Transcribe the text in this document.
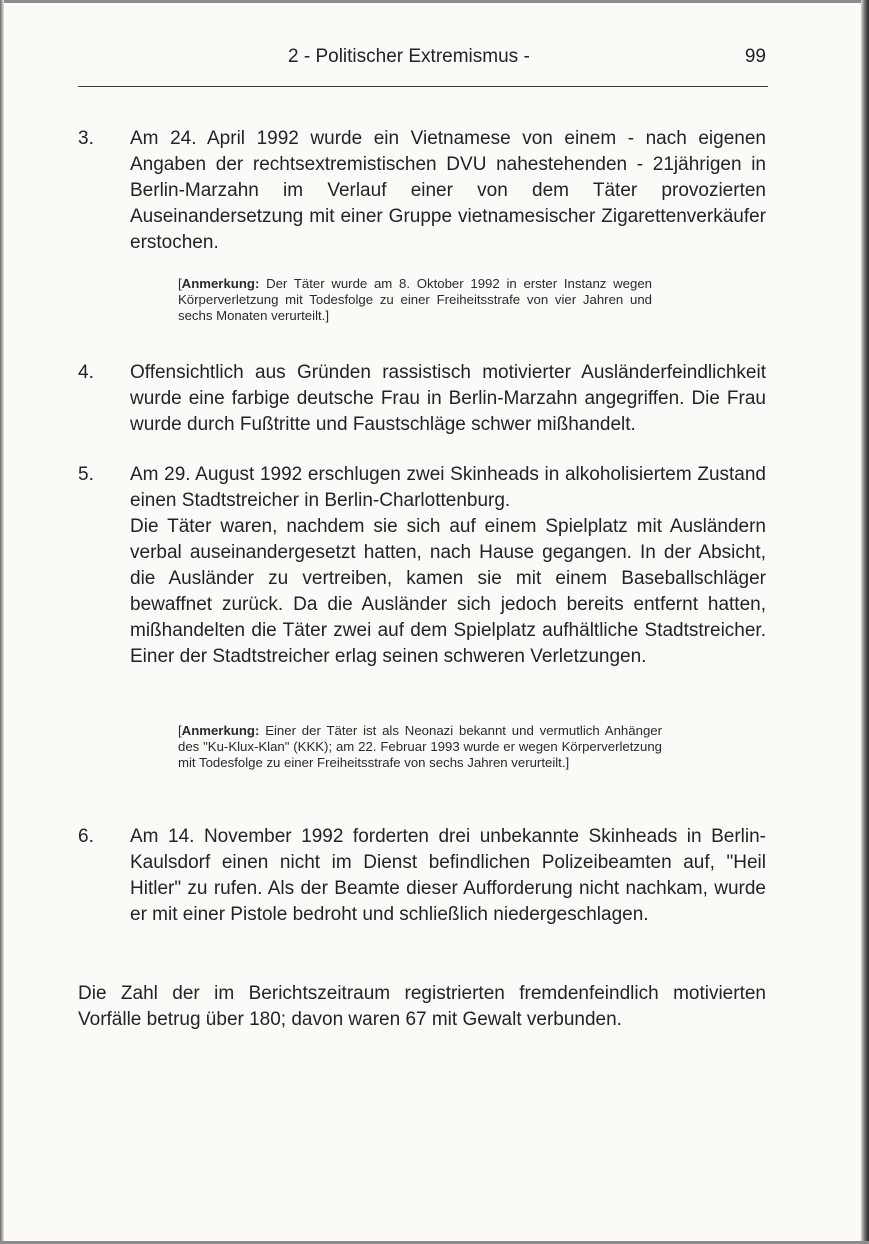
2 - Politischer Extremismus -	99
3. Am 24. April 1992 wurde ein Vietnamese von einem - nach eigenen Angaben der rechtsextremistischen DVU nahestehenden - 21jährigen in Berlin-Marzahn im Verlauf einer von dem Täter provozierten Auseinandersetzung mit einer Gruppe vietnamesischer Zigarettenverkäufer erstochen.
[Anmerkung: Der Täter wurde am 8. Oktober 1992 in erster Instanz wegen Körperverletzung mit Todesfolge zu einer Freiheitsstrafe von vier Jahren und sechs Monaten verurteilt.]
4. Offensichtlich aus Gründen rassistisch motivierter Ausländerfeindlichkeit wurde eine farbige deutsche Frau in Berlin-Marzahn angegriffen. Die Frau wurde durch Fußtritte und Faustschläge schwer mißhandelt.
5. Am 29. August 1992 erschlugen zwei Skinheads in alkoholisiertem Zustand einen Stadtstreicher in Berlin-Charlottenburg.
Die Täter waren, nachdem sie sich auf einem Spielplatz mit Ausländern verbal auseinandergesetzt hatten, nach Hause gegangen. In der Absicht, die Ausländer zu vertreiben, kamen sie mit einem Baseballschläger bewaffnet zurück. Da die Ausländer sich jedoch bereits entfernt hatten, mißhandelten die Täter zwei auf dem Spielplatz aufhältliche Stadtstreicher. Einer der Stadtstreicher erlag seinen schweren Verletzungen.
[Anmerkung: Einer der Täter ist als Neonazi bekannt und vermutlich Anhänger des "Ku-Klux-Klan" (KKK); am 22. Februar 1993 wurde er wegen Körperverletzung mit Todesfolge zu einer Freiheitsstrafe von sechs Jahren verurteilt.]
6. Am 14. November 1992 forderten drei unbekannte Skinheads in Berlin-Kaulsdorf einen nicht im Dienst befindlichen Polizeibeamten auf, "Heil Hitler" zu rufen. Als der Beamte dieser Aufforderung nicht nachkam, wurde er mit einer Pistole bedroht und schließlich niedergeschlagen.
Die Zahl der im Berichtszeitraum registrierten fremdenfeindlich motivierten Vorfälle betrug über 180; davon waren 67 mit Gewalt verbunden.
